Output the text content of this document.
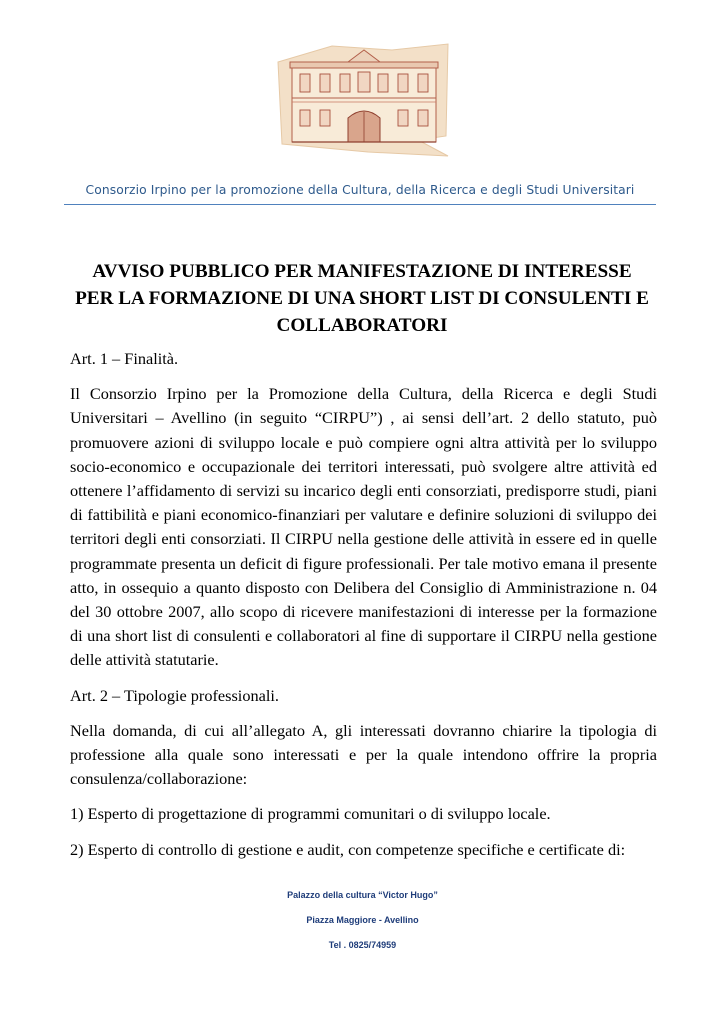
Consorzio Irpino per la promozione della Cultura, della Ricerca e degli Studi Universitari
AVVISO PUBBLICO PER MANIFESTAZIONE DI INTERESSE
PER LA FORMAZIONE DI UNA SHORT LIST DI CONSULENTI E
COLLABORATORI

Art. 1 – Finalità.

Il Consorzio Irpino per la Promozione della Cultura, della Ricerca e degli Studi Universitari – Avellino (in seguito “CIRPU”) , ai sensi dell’art. 2 dello statuto, può promuovere azioni di sviluppo locale e può compiere ogni altra attività per lo sviluppo socio-economico e occupazionale dei territori interessati, può svolgere altre attività ed ottenere l’affidamento di servizi su incarico degli enti consorziati, predisporre studi, piani di fattibilità e piani economico-finanziari per valutare e definire soluzioni di sviluppo dei territori degli enti consorziati. Il CIRPU nella gestione delle attività in essere ed in quelle programmate presenta un deficit di figure professionali. Per tale motivo emana il presente atto, in ossequio a quanto disposto con Delibera del Consiglio di Amministrazione n. 04 del 30 ottobre 2007, allo scopo di ricevere manifestazioni di interesse per la formazione di una short list di consulenti e collaboratori al fine di supportare il CIRPU nella gestione delle attività statutarie.

Art. 2 – Tipologie professionali.

Nella domanda, di cui all’allegato A, gli interessati dovranno chiarire la tipologia di professione alla quale sono interessati e per la quale intendono offrire la propria consulenza/collaborazione:

1) Esperto di progettazione di programmi comunitari o di sviluppo locale.

2) Esperto di controllo di gestione e audit, con competenze specifiche e certificate di:

Palazzo della cultura “Victor Hugo”
Piazza Maggiore - Avellino
Tel . 0825/74959
